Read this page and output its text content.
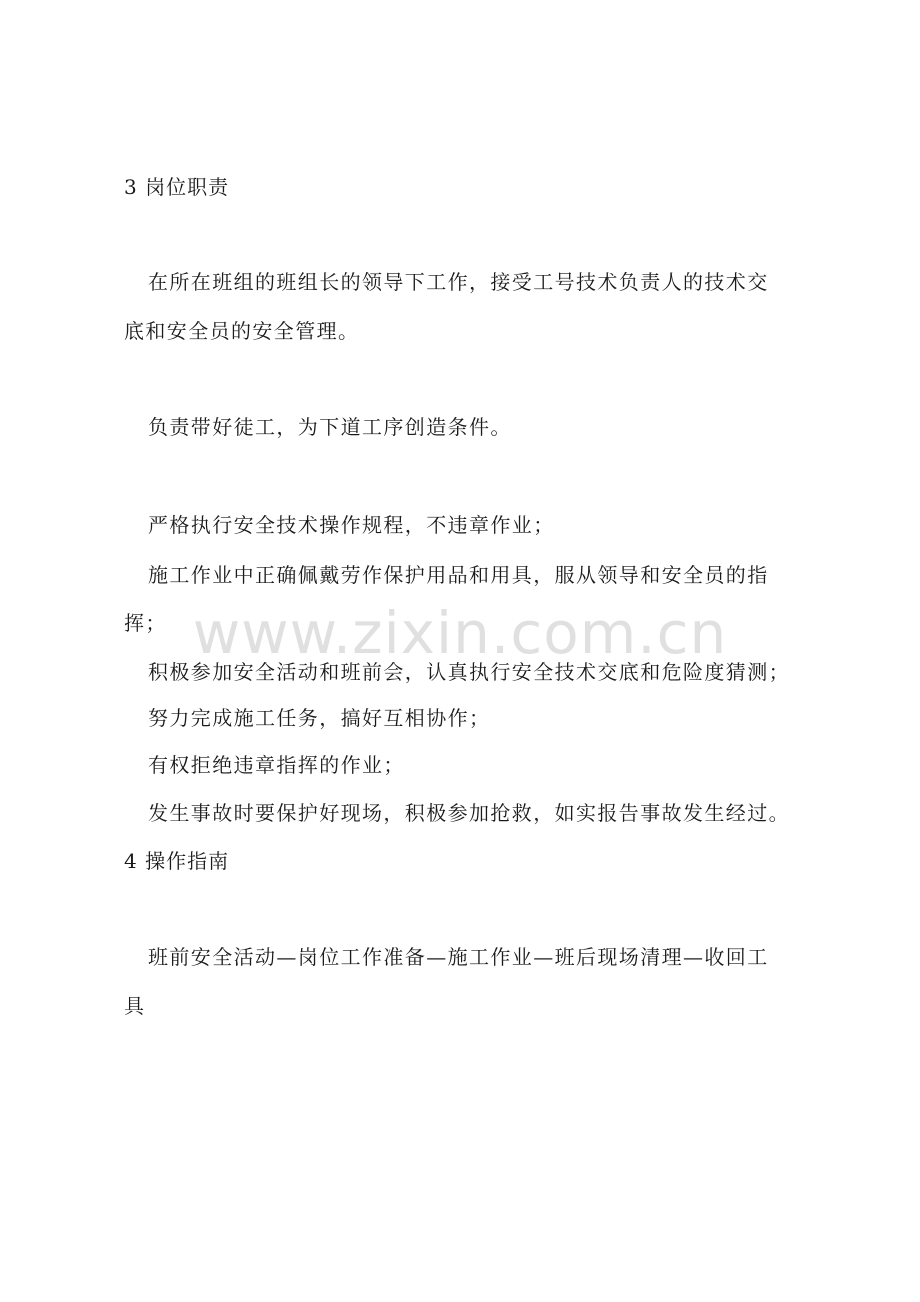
3 岗位职责
在所在班组的班组长的领导下工作，接受工号技术负责人的技术交
底和安全员的安全管理。
负责带好徒工，为下道工序创造条件。
严格执行安全技术操作规程，不违章作业；
施工作业中正确佩戴劳作保护用品和用具，服从领导和安全员的指
挥；
积极参加安全活动和班前会，认真执行安全技术交底和危险度猜测；
努力完成施工任务，搞好互相协作；
有权拒绝违章指挥的作业；
发生事故时要保护好现场，积极参加抢救，如实报告事故发生经过。
4 操作指南
班前安全活动—岗位工作准备—施工作业—班后现场清理—收回工
具
www.zixin.com.cn
